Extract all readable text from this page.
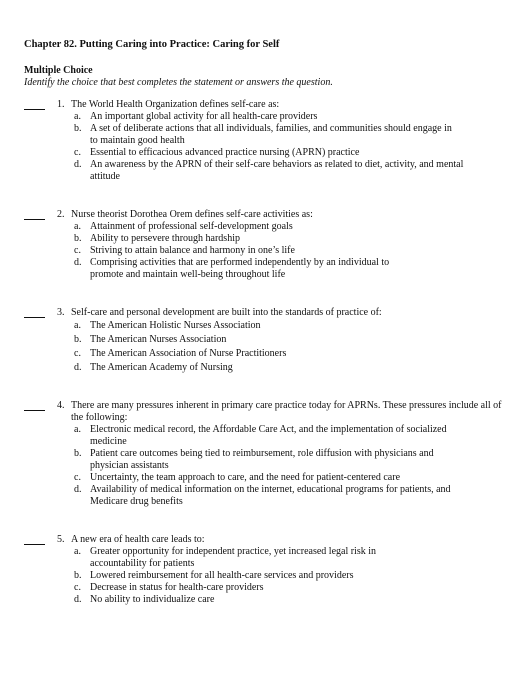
Chapter 82. Putting Caring into Practice: Caring for Self
Multiple Choice
Identify the choice that best completes the statement or answers the question.
1. The World Health Organization defines self-care as:
a. An important global activity for all health-care providers
b. A set of deliberate actions that all individuals, families, and communities should engage in to maintain good health
c. Essential to efficacious advanced practice nursing (APRN) practice
d. An awareness by the APRN of their self-care behaviors as related to diet, activity, and mental attitude
2. Nurse theorist Dorothea Orem defines self-care activities as:
a. Attainment of professional self-development goals
b. Ability to persevere through hardship
c. Striving to attain balance and harmony in one’s life
d. Comprising activities that are performed independently by an individual to promote and maintain well-being throughout life
3. Self-care and personal development are built into the standards of practice of:
a. The American Holistic Nurses Association
b. The American Nurses Association
c. The American Association of Nurse Practitioners
d. The American Academy of Nursing
4. There are many pressures inherent in primary care practice today for APRNs. These pressures include all of the following:
a. Electronic medical record, the Affordable Care Act, and the implementation of socialized medicine
b. Patient care outcomes being tied to reimbursement, role diffusion with physicians and physician assistants
c. Uncertainty, the team approach to care, and the need for patient-centered care
d. Availability of medical information on the internet, educational programs for patients, and Medicare drug benefits
5. A new era of health care leads to:
a. Greater opportunity for independent practice, yet increased legal risk in accountability for patients
b. Lowered reimbursement for all health-care services and providers
c. Decrease in status for health-care providers
d. No ability to individualize care
